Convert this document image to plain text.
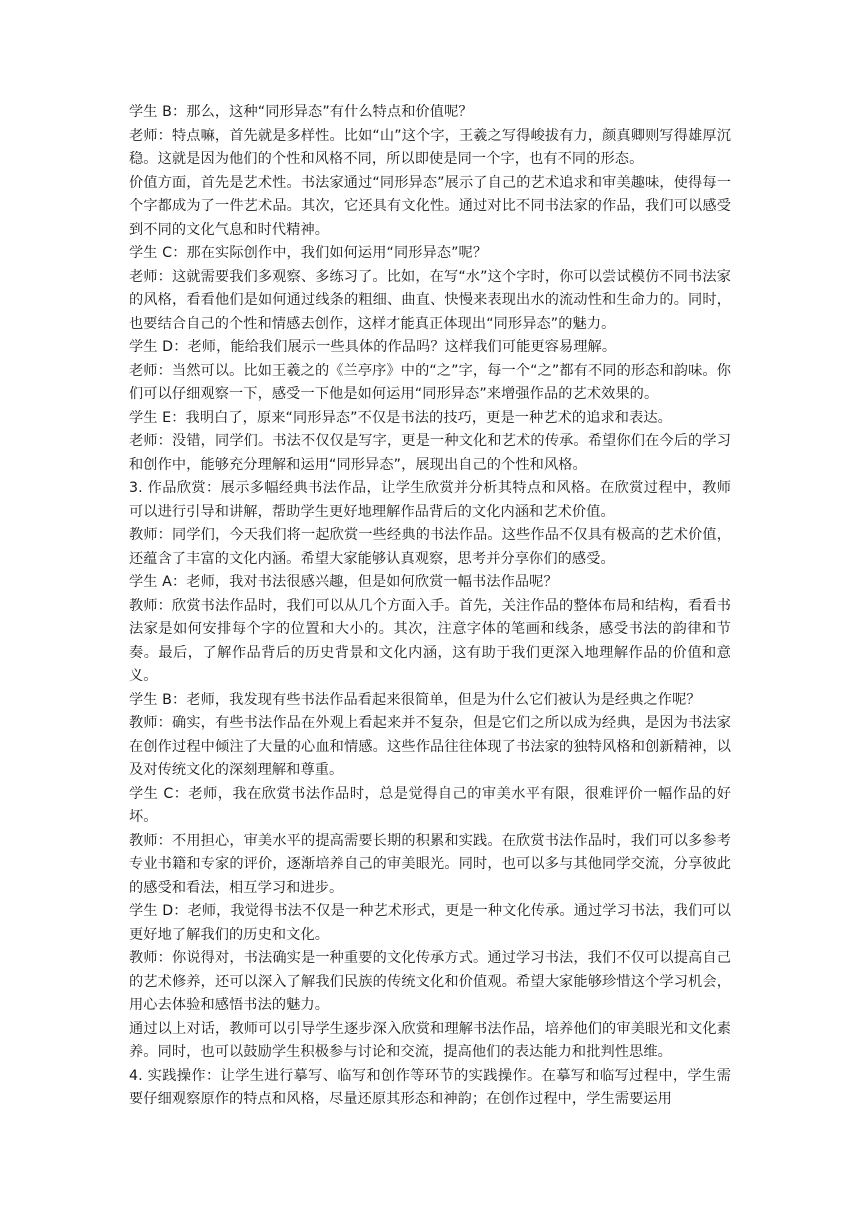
学生 B：那么，这种“同形异态”有什么特点和价值呢？

老师：特点嘛，首先就是多样性。比如“山”这个字，王羲之写得峻拔有力，颜真卿则写得雄厚沉稳。这就是因为他们的个性和风格不同，所以即使是同一个字，也有不同的形态。

价值方面，首先是艺术性。书法家通过“同形异态”展示了自己的艺术追求和审美趣味，使得每一个字都成为了一件艺术品。其次，它还具有文化性。通过对比不同书法家的作品，我们可以感受到不同的文化气息和时代精神。

学生 C：那在实际创作中，我们如何运用“同形异态”呢？

老师：这就需要我们多观察、多练习了。比如，在写“水”这个字时，你可以尝试模仿不同书法家的风格，看看他们是如何通过线条的粗细、曲直、快慢来表现出水的流动性和生命力的。同时，也要结合自己的个性和情感去创作，这样才能真正体现出“同形异态”的魅力。

学生 D：老师，能给我们展示一些具体的作品吗？这样我们可能更容易理解。

老师：当然可以。比如王羲之的《兰亭序》中的“之”字，每一个“之”都有不同的形态和韵味。你们可以仔细观察一下，感受一下他是如何运用“同形异态”来增强作品的艺术效果的。

学生 E：我明白了，原来“同形异态”不仅是书法的技巧，更是一种艺术的追求和表达。

老师：没错，同学们。书法不仅仅是写字，更是一种文化和艺术的传承。希望你们在今后的学习和创作中，能够充分理解和运用“同形异态”，展现出自己的个性和风格。

3. 作品欣赏：展示多幅经典书法作品，让学生欣赏并分析其特点和风格。在欣赏过程中，教师可以进行引导和讲解，帮助学生更好地理解作品背后的文化内涵和艺术价值。

教师：同学们，今天我们将一起欣赏一些经典的书法作品。这些作品不仅具有极高的艺术价值，还蕴含了丰富的文化内涵。希望大家能够认真观察，思考并分享你们的感受。

学生 A：老师，我对书法很感兴趣，但是如何欣赏一幅书法作品呢？

教师：欣赏书法作品时，我们可以从几个方面入手。首先，关注作品的整体布局和结构，看看书法家是如何安排每个字的位置和大小的。其次，注意字体的笔画和线条，感受书法的韵律和节奏。最后，了解作品背后的历史背景和文化内涵，这有助于我们更深入地理解作品的价值和意义。

学生 B：老师，我发现有些书法作品看起来很简单，但是为什么它们被认为是经典之作呢？

教师：确实，有些书法作品在外观上看起来并不复杂，但是它们之所以成为经典，是因为书法家在创作过程中倾注了大量的心血和情感。这些作品往往体现了书法家的独特风格和创新精神，以及对传统文化的深刻理解和尊重。

学生 C：老师，我在欣赏书法作品时，总是觉得自己的审美水平有限，很难评价一幅作品的好坏。

教师：不用担心，审美水平的提高需要长期的积累和实践。在欣赏书法作品时，我们可以多参考专业书籍和专家的评价，逐渐培养自己的审美眼光。同时，也可以多与其他同学交流，分享彼此的感受和看法，相互学习和进步。

学生 D：老师，我觉得书法不仅是一种艺术形式，更是一种文化传承。通过学习书法，我们可以更好地了解我们的历史和文化。

教师：你说得对，书法确实是一种重要的文化传承方式。通过学习书法，我们不仅可以提高自己的艺术修养，还可以深入了解我们民族的传统文化和价值观。希望大家能够珍惜这个学习机会，用心去体验和感悟书法的魅力。

通过以上对话，教师可以引导学生逐步深入欣赏和理解书法作品，培养他们的审美眼光和文化素养。同时，也可以鼓励学生积极参与讨论和交流，提高他们的表达能力和批判性思维。

4. 实践操作：让学生进行摹写、临写和创作等环节的实践操作。在摹写和临写过程中，学生需要仔细观察原作的特点和风格，尽量还原其形态和神韵；在创作过程中，学生需要运用
